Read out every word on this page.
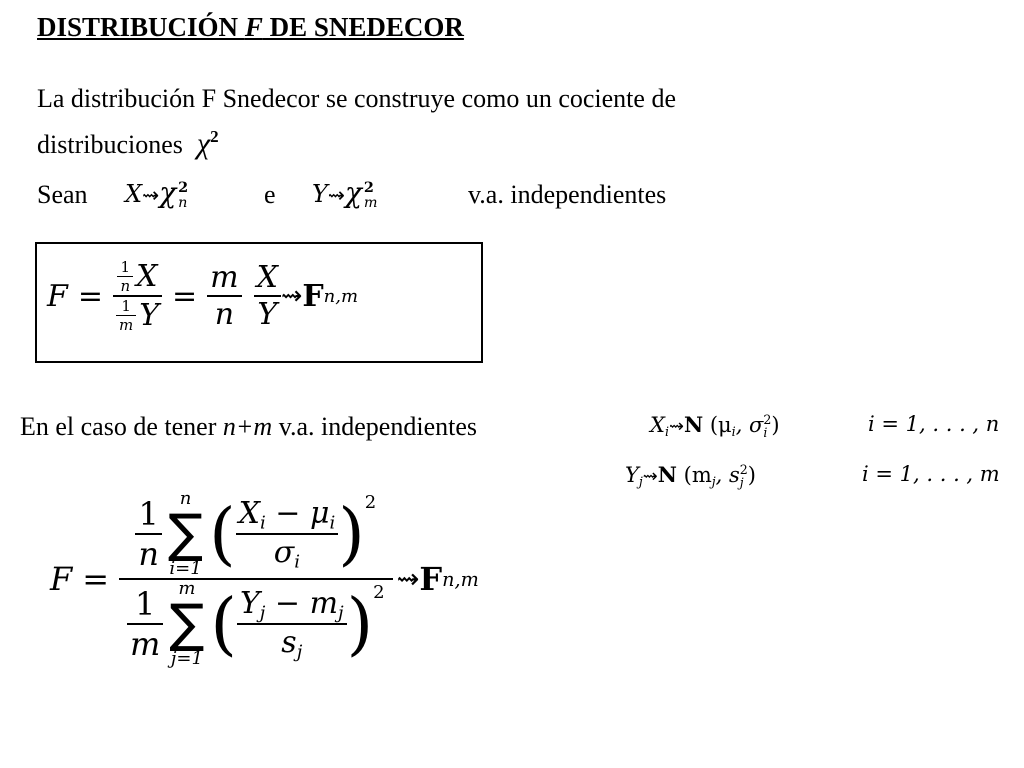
DISTRIBUCIÓN F DE SNEDECOR
La distribución F Snedecor se construye como un cociente de
distribuciones $\chi^2$
Sean X⇝χ 2
n	e Y⇝χ 2
m	v.a. independientes
$F = \frac{\frac{1}{n} X}{\frac{1}{m} Y} = \frac{m}{n} \frac{X}{Y}$ ⇝ F n,m
En el caso de tener n+m v.a. independientes	$X_i⇝N$ ($\mu_i$, σ 2
i )	i = 1, . . . , n
$Y_j⇝N$ ($m_j$, s 2
j )	i = 1, . . . , m
F =
$\frac{1}{n}$ n
∑
i=1 ( $\frac{X_i - \mu_i}{\sigma_i}$ ) 2
$\frac{1}{m}$ m
∑
j=1 ( $\frac{Y_j - m_j}{s_j}$ ) 2 ⇝ F n,m
